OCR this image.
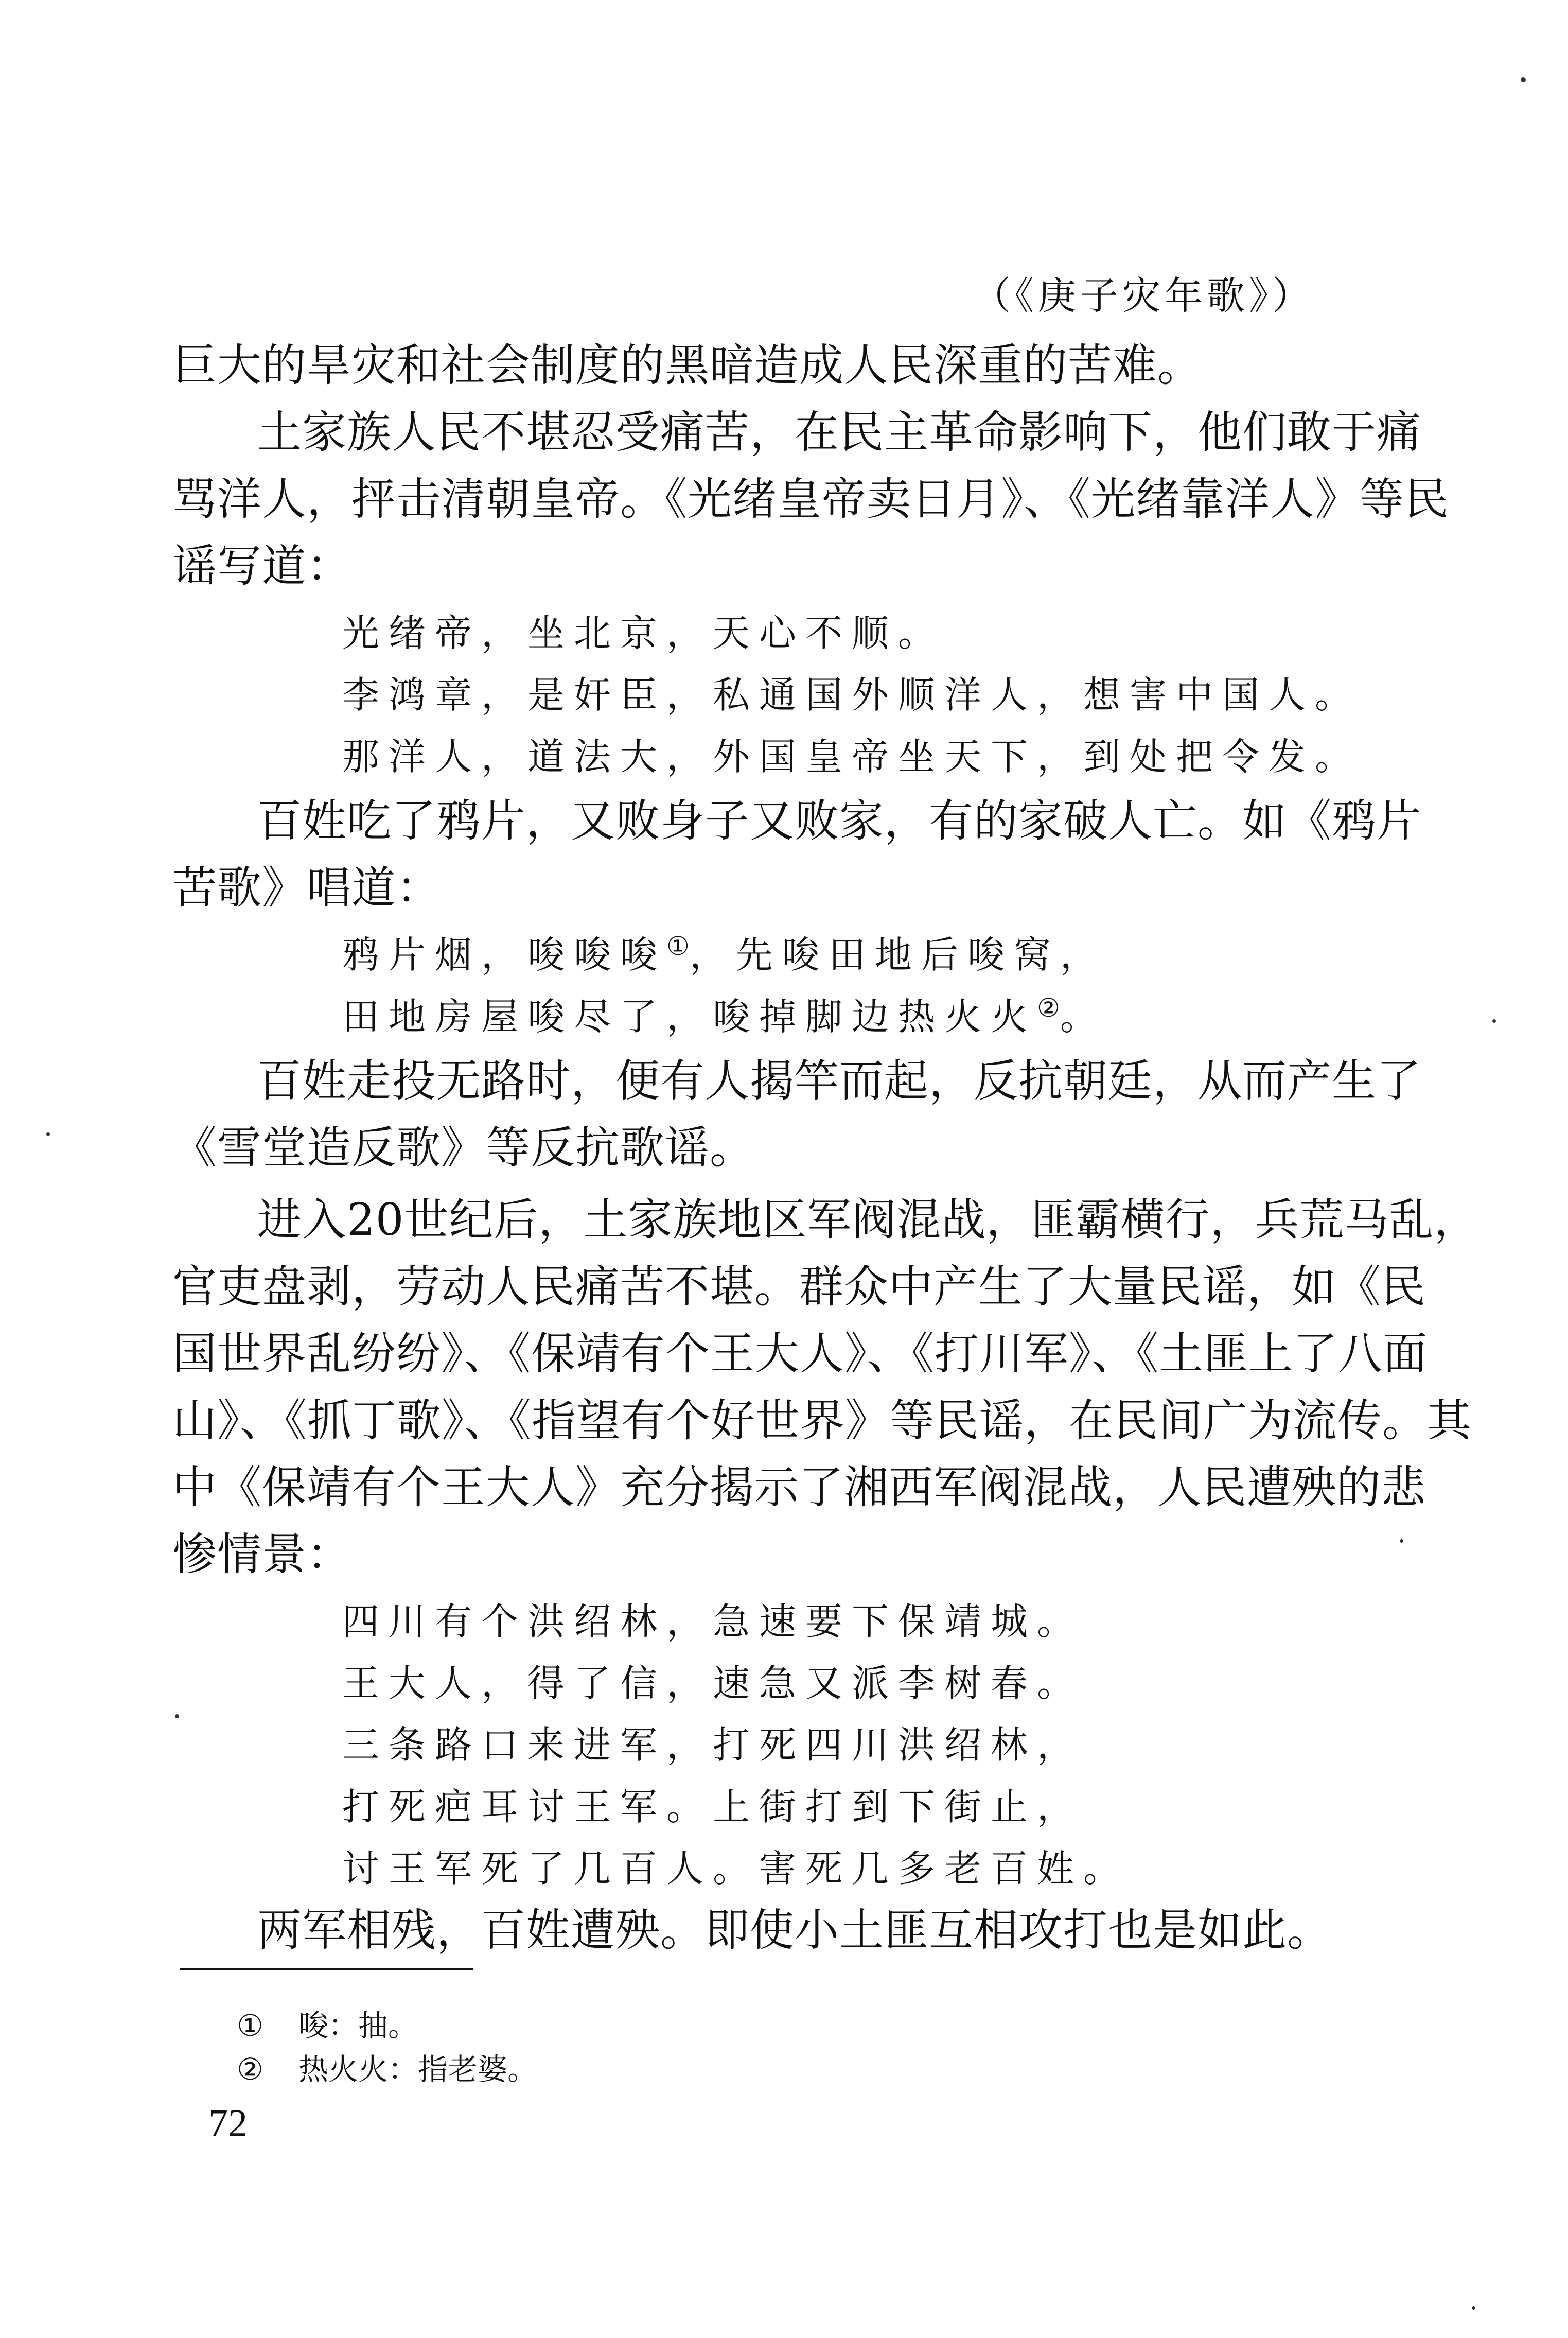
（《庚子灾年歌》）
巨大的旱灾和社会制度的黑暗造成人民深重的苦难。
土家族人民不堪忍受痛苦，在民主革命影响下，他们敢于痛
骂洋人，抨击清朝皇帝。《光绪皇帝卖日月》、《光绪靠洋人》等民
谣写道：
光绪帝，坐北京，天心不顺。
李鸿章，是奸臣，私通国外顺洋人，想害中国人。
那洋人，道法大，外国皇帝坐天下，到处把令发。
百姓吃了鸦片，又败身子又败家，有的家破人亡。如《鸦片
苦歌》唱道：
鸦片烟，唆唆唆①，先唆田地后唆窝，
田地房屋唆尽了，唆掉脚边热火火②。
百姓走投无路时，便有人揭竿而起，反抗朝廷，从而产生了
《雪堂造反歌》等反抗歌谣。
进入20世纪后，土家族地区军阀混战，匪霸横行，兵荒马乱，
官吏盘剥，劳动人民痛苦不堪。群众中产生了大量民谣，如《民
国世界乱纷纷》、《保靖有个王大人》、《打川军》、《土匪上了八面
山》、《抓丁歌》、《指望有个好世界》等民谣，在民间广为流传。其
中《保靖有个王大人》充分揭示了湘西军阀混战，人民遭殃的悲
惨情景：
四川有个洪绍林，急速要下保靖城。
王大人，得了信，速急又派李树春。
三条路口来进军，打死四川洪绍林，
打死疤耳讨王军。上街打到下街止，
讨王军死了几百人。害死几多老百姓。
两军相残，百姓遭殃。即使小土匪互相攻打也是如此。
① 唆：抽。
② 热火火：指老婆。
72
